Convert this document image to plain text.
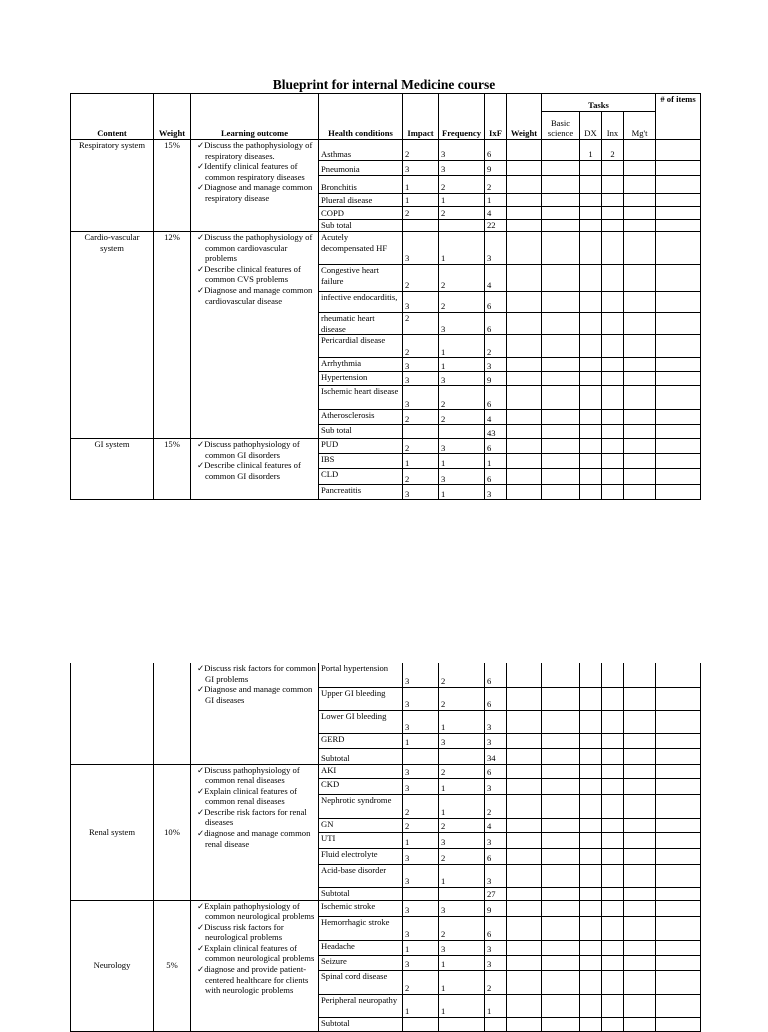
Blueprint for internal Medicine course
Content	Weight	Learning outcome	Health conditions	Impact	Frequency	IxF	Weight	Tasks				# of items

								Basic science	DX	Inx	Mg't	
Respiratory system	15%	✓ Discuss the pathophysiology of respiratory diseases.
✓ Identify clinical features of common respiratory diseases
✓ Diagnose and manage common respiratory disease	Asthmas	2	3	6			1	2		
			Pneumonia	3	3	9						
			Bronchitis	1	2	2						
			Plueral disease	1	1	1						
			COPD	2	2	4						
			Sub total			22						
Cardio-vascular system	12%	✓ Discuss the pathophysiology of common cardiovascular problems
✓ Describe clinical features of common CVS problems
✓ Diagnose and manage common cardiovascular disease	Acutely decompensated HF	3	1	3						
			Congestive heart failure	2	2	4						
			infective endocarditis,	3	2	6						
			rheumatic heart disease	2	3	6						
			Pericardial disease	2	1	2						
			Arrhythmia	3	1	3						
			Hypertension	3	3	9						
			Ischemic heart disease	3	2	6						
			Atherosclerosis	2	2	4						
			Sub total			43						
GI system	15%	✓ Discuss pathophysiology of common GI disorders
✓ Describe clinical features of common GI disorders	PUD	2	3	6						
			IBS	1	1	1						
			CLD	2	3	6						
			Pancreatitis	3	1	3						

		✓ Discuss risk factors for common GI problems
✓ Diagnose and manage common GI diseases	Portal hypertension	3	2	6						
			Upper GI bleeding	3	2	6						
			Lower GI bleeding	3	1	3						
			GERD	1	3	3						
			Subtotal			34						
Renal system	10%	✓ Discuss pathophysiology of common renal diseases
✓ Explain clinical features of common renal diseases
✓ Describe risk factors for renal diseases
✓ diagnose and manage common renal disease	AKI	3	2	6						
			CKD	3	1	3						
			Nephrotic syndrome	2	1	2						
			GN	2	2	4						
			UTI	1	3	3						
			Fluid electrolyte	3	2	6						
			Acid-base disorder	3	1	3						
			Subtotal			27						
Neurology	5%	✓ Explain pathophysiology of common neurological problems
✓ Discuss risk factors for neurological problems
✓ Explain clinical features of common neurological problems
✓ diagnose and provide patient-centered healthcare for clients with neurologic problems	Ischemic stroke	3	3	9						
			Hemorrhagic stroke	3	2	6						
			Headache	1	3	3						
			Seizure	3	1	3						
			Spinal cord disease	2	1	2						
			Peripheral neuropathy	1	1	1						
			Subtotal									
